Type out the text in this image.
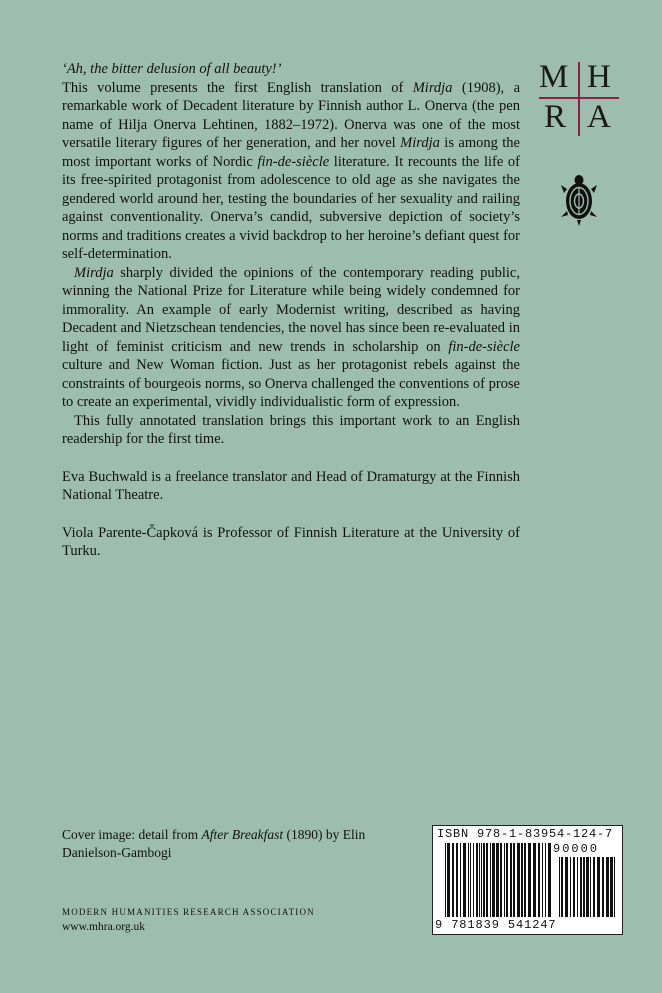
‘Ah, the bitter delusion of all beauty!’

This volume presents the first English translation of Mirdja (1908), a remarkable work of Decadent literature by Finnish author L. Onerva (the pen name of Hilja Onerva Lehtinen, 1882–1972). Onerva was one of the most versatile literary figures of her generation, and her novel Mirdja is among the most important works of Nordic fin-de-siècle literature. It recounts the life of its free-spirited protagonist from adolescence to old age as she navigates the gendered world around her, testing the boundaries of her sexuality and railing against conventionality. Onerva’s candid, subversive depiction of society’s norms and traditions creates a vivid backdrop to her heroine’s defiant quest for self-determination.

Mirdja sharply divided the opinions of the contemporary reading public, winning the National Prize for Literature while being widely condemned for immorality. An example of early Modernist writing, described as having Decadent and Nietzschean tendencies, the novel has since been re-evaluated in light of feminist criticism and new trends in scholarship on fin-de-siècle culture and New Woman fiction. Just as her protagonist rebels against the constraints of bourgeois norms, so Onerva challenged the conventions of prose to create an experimental, vividly individualistic form of expression.

This fully annotated translation brings this important work to an English readership for the first time.

Eva Buchwald is a freelance translator and Head of Dramaturgy at the Finnish National Theatre.

Viola Parente-Čapková is Professor of Finnish Literature at the University of Turku.

Cover image: detail from After Breakfast (1890) by Elin Danielson-Gambogi
MODERN HUMANITIES RESEARCH ASSOCIATION
www.mhra.org.uk
M H
R A
ISBN 978-1-83954-124-7
90000
9 781839 541247
